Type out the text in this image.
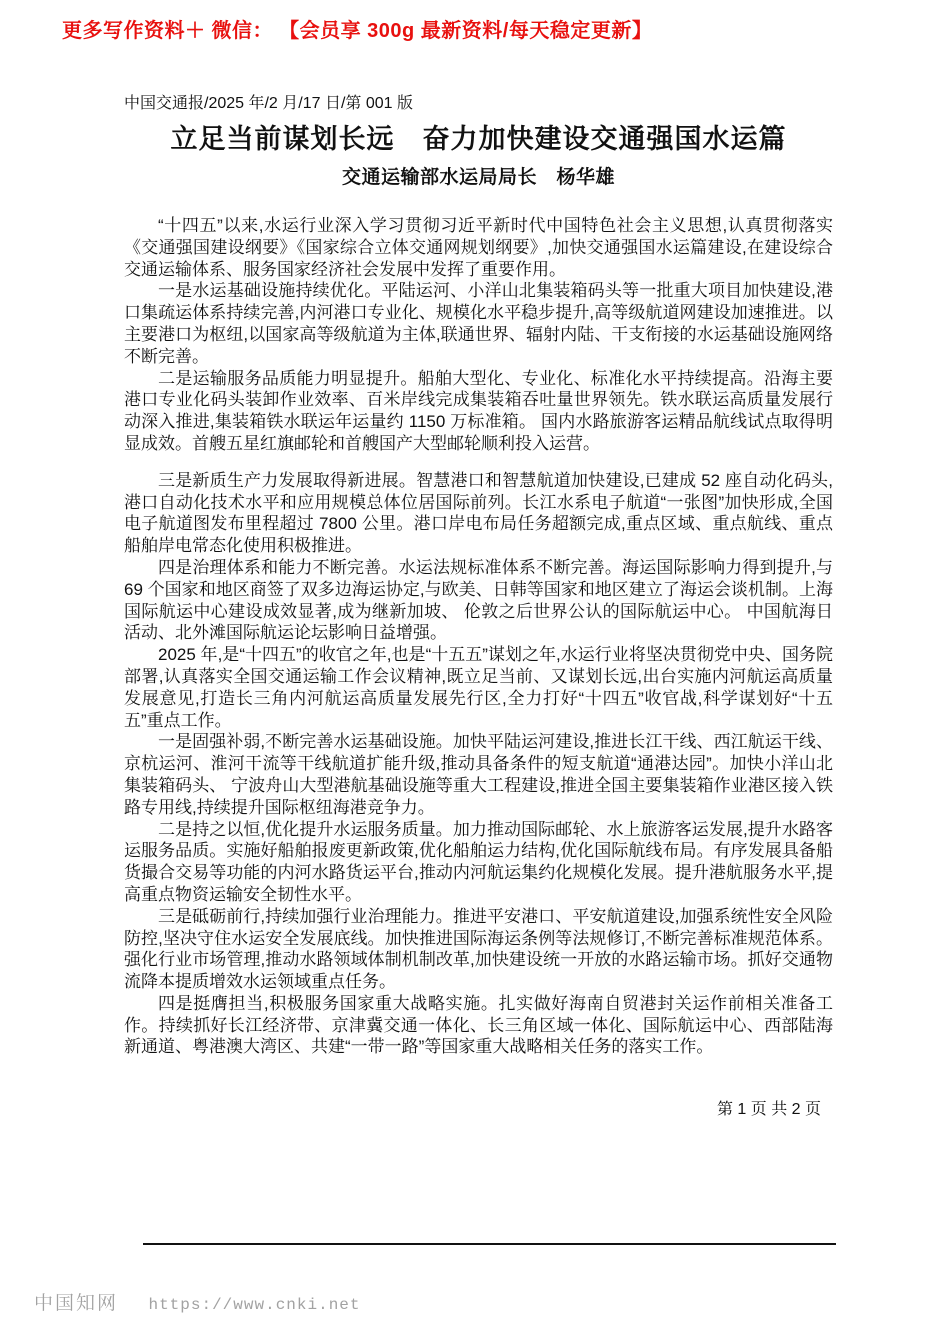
更多写作资料＋ 微信： 【会员享 300g 最新资料/每天稳定更新】
中国交通报/2025 年/2 月/17 日/第 001 版
立足当前谋划长远　奋力加快建设交通强国水运篇
交通运输部水运局局长　杨华雄

“十四五”以来,水运行业深入学习贯彻习近平新时代中国特色社会主义思想,认真贯彻落实《交通强国建设纲要》《国家综合立体交通网规划纲要》,加快交通强国水运篇建设,在建设综合交通运输体系、服务国家经济社会发展中发挥了重要作用。

一是水运基础设施持续优化。平陆运河、小洋山北集装箱码头等一批重大项目加快建设,港口集疏运体系持续完善,内河港口专业化、规模化水平稳步提升,高等级航道网建设加速推进。以主要港口为枢纽,以国家高等级航道为主体,联通世界、辐射内陆、干支衔接的水运基础设施网络不断完善。

二是运输服务品质能力明显提升。船舶大型化、专业化、标准化水平持续提高。沿海主要港口专业化码头装卸作业效率、百米岸线完成集装箱吞吐量世界领先。铁水联运高质量发展行动深入推进,集装箱铁水联运年运量约 1150 万标准箱。 国内水路旅游客运精品航线试点取得明显成效。首艘五星红旗邮轮和首艘国产大型邮轮顺利投入运营。

三是新质生产力发展取得新进展。智慧港口和智慧航道加快建设,已建成 52 座自动化码头,港口自动化技术水平和应用规模总体位居国际前列。长江水系电子航道“一张图”加快形成,全国电子航道图发布里程超过 7800 公里。港口岸电布局任务超额完成,重点区域、重点航线、重点船舶岸电常态化使用积极推进。

四是治理体系和能力不断完善。水运法规标准体系不断完善。海运国际影响力得到提升,与 69 个国家和地区商签了双多边海运协定,与欧美、日韩等国家和地区建立了海运会谈机制。上海国际航运中心建设成效显著,成为继新加坡、 伦敦之后世界公认的国际航运中心。 中国航海日活动、北外滩国际航运论坛影响日益增强。

2025 年,是“十四五”的收官之年,也是“十五五”谋划之年,水运行业将坚决贯彻党中央、国务院部署,认真落实全国交通运输工作会议精神,既立足当前、又谋划长远,出台实施内河航运高质量发展意见,打造长三角内河航运高质量发展先行区,全力打好“十四五”收官战,科学谋划好“十五五”重点工作。

一是固强补弱,不断完善水运基础设施。加快平陆运河建设,推进长江干线、西江航运干线、京杭运河、淮河干流等干线航道扩能升级,推动具备条件的短支航道“通港达园”。加快小洋山北集装箱码头、 宁波舟山大型港航基础设施等重大工程建设,推进全国主要集装箱作业港区接入铁路专用线,持续提升国际枢纽海港竞争力。

二是持之以恒,优化提升水运服务质量。加力推动国际邮轮、水上旅游客运发展,提升水路客运服务品质。实施好船舶报废更新政策,优化船舶运力结构,优化国际航线布局。有序发展具备船货撮合交易等功能的内河水路货运平台,推动内河航运集约化规模化发展。提升港航服务水平,提高重点物资运输安全韧性水平。

三是砥砺前行,持续加强行业治理能力。推进平安港口、平安航道建设,加强系统性安全风险防控,坚决守住水运安全发展底线。加快推进国际海运条例等法规修订,不断完善标准规范体系。强化行业市场管理,推动水路领域体制机制改革,加快建设统一开放的水路运输市场。抓好交通物流降本提质增效水运领域重点任务。

四是挺膺担当,积极服务国家重大战略实施。扎实做好海南自贸港封关运作前相关准备工作。持续抓好长江经济带、京津冀交通一体化、长三角区域一体化、国际航运中心、西部陆海新通道、粤港澳大湾区、共建“一带一路”等国家重大战略相关任务的落实工作。

第 1 页 共 2 页
中国知网 https://www.cnki.net
